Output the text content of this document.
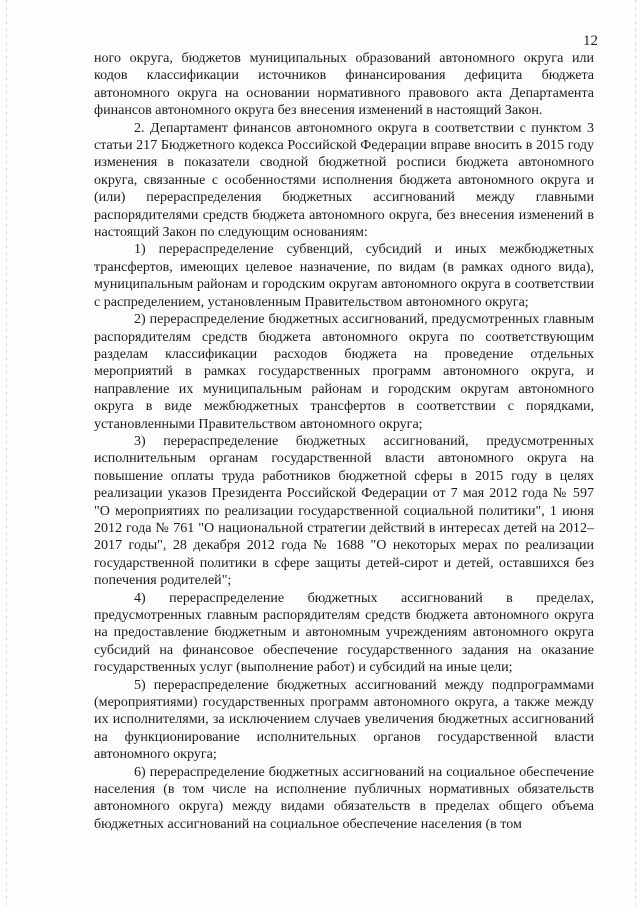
12

ного округа, бюджетов муниципальных образований автономного округа или кодов классификации источников финансирования дефицита бюджета автономного округа на основании нормативного правового акта Департамента финансов автономного округа без внесения изменений в настоящий Закон.

2. Департамент финансов автономного округа в соответствии с пунктом 3 статьи 217 Бюджетного кодекса Российской Федерации вправе вносить в 2015 году изменения в показатели сводной бюджетной росписи бюджета автономного округа, связанные с особенностями исполнения бюджета автономного округа и (или) перераспределения бюджетных ассигнований между главными распорядителями средств бюджета автономного округа, без внесения изменений в настоящий Закон по следующим основаниям:

1) перераспределение субвенций, субсидий и иных межбюджетных трансфертов, имеющих целевое назначение, по видам (в рамках одного вида), муниципальным районам и городским округам автономного округа в соответствии с распределением, установленным Правительством автономного округа;

2) перераспределение бюджетных ассигнований, предусмотренных главным распорядителям средств бюджета автономного округа по соответствующим разделам классификации расходов бюджета на проведение отдельных мероприятий в рамках государственных программ автономного округа, и направление их муниципальным районам и городским округам автономного округа в виде межбюджетных трансфертов в соответствии с порядками, установленными Правительством автономного округа;

3) перераспределение бюджетных ассигнований, предусмотренных исполнительным органам государственной власти автономного округа на повышение оплаты труда работников бюджетной сферы в 2015 году в целях реализации указов Президента Российской Федерации от 7 мая 2012 года № 597 "О мероприятиях по реализации государственной социальной политики", 1 июня 2012 года № 761 "О национальной стратегии действий в интересах детей на 2012–2017 годы", 28 декабря 2012 года № 1688 "О некоторых мерах по реализации государственной политики в сфере защиты детей-сирот и детей, оставшихся без попечения родителей";

4) перераспределение бюджетных ассигнований в пределах, предусмотренных главным распорядителям средств бюджета автономного округа на предоставление бюджетным и автономным учреждениям автономного округа субсидий на финансовое обеспечение государственного задания на оказание государственных услуг (выполнение работ) и субсидий на иные цели;

5) перераспределение бюджетных ассигнований между подпрограммами (мероприятиями) государственных программ автономного округа, а также между их исполнителями, за исключением случаев увеличения бюджетных ассигнований на функционирование исполнительных органов государственной власти автономного округа;

6) перераспределение бюджетных ассигнований на социальное обеспечение населения (в том числе на исполнение публичных нормативных обязательств автономного округа) между видами обязательств в пределах общего объема бюджетных ассигнований на социальное обеспечение населения (в том
